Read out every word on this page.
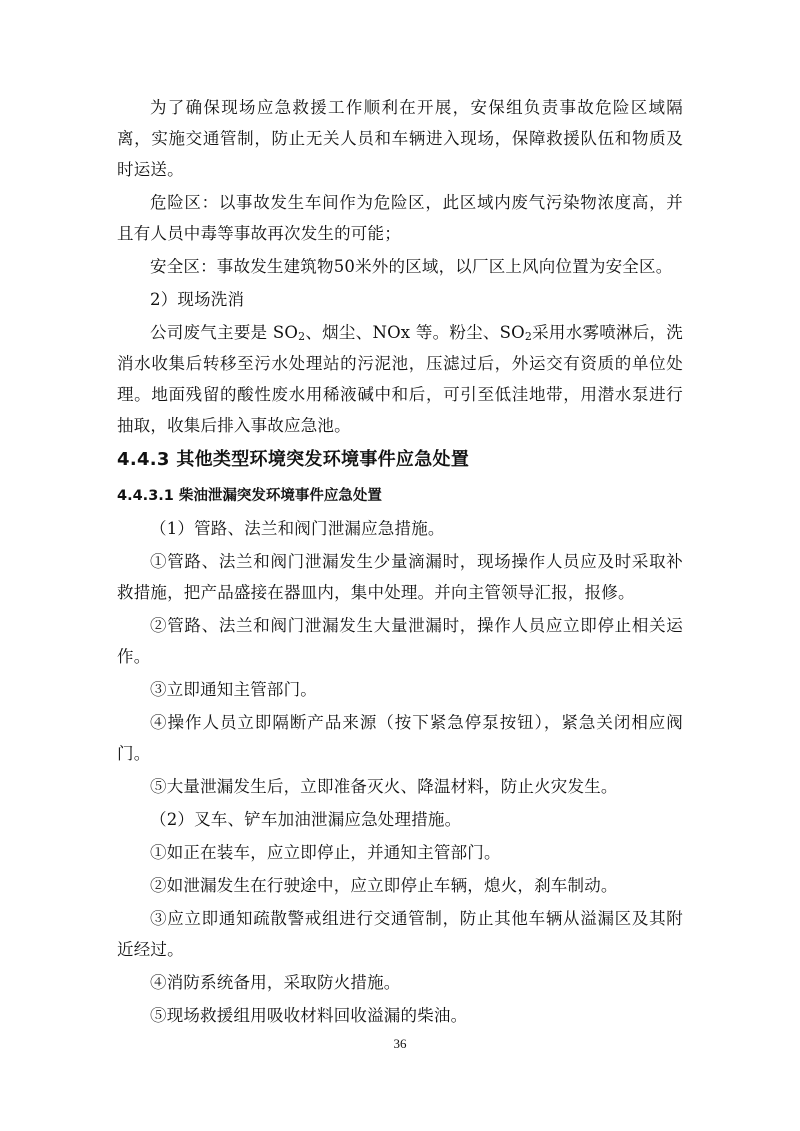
为了确保现场应急救援工作顺利在开展，安保组负责事故危险区域隔离，实施交通管制，防止无关人员和车辆进入现场，保障救援队伍和物质及时运送。

危险区：以事故发生车间作为危险区，此区域内废气污染物浓度高，并且有人员中毒等事故再次发生的可能；

安全区：事故发生建筑物50米外的区域，以厂区上风向位置为安全区。

2）现场洗消

公司废气主要是 $SO_2$、烟尘、NOx 等。粉尘、$SO_2$采用水雾喷淋后，洗消水收集后转移至污水处理站的污泥池，压滤过后，外运交有资质的单位处理。地面残留的酸性废水用稀液碱中和后，可引至低洼地带，用潜水泵进行抽取，收集后排入事故应急池。

4.4.3 其他类型环境突发环境事件应急处置
4.4.3.1 柴油泄漏突发环境事件应急处置

（1）管路、法兰和阀门泄漏应急措施。

①管路、法兰和阀门泄漏发生少量滴漏时，现场操作人员应及时采取补救措施，把产品盛接在器皿内，集中处理。并向主管领导汇报，报修。

②管路、法兰和阀门泄漏发生大量泄漏时，操作人员应立即停止相关运作。

③立即通知主管部门。

④操作人员立即隔断产品来源（按下紧急停泵按钮），紧急关闭相应阀门。

⑤大量泄漏发生后，立即准备灭火、降温材料，防止火灾发生。

（2）叉车、铲车加油泄漏应急处理措施。

①如正在装车，应立即停止，并通知主管部门。

②如泄漏发生在行驶途中，应立即停止车辆，熄火，刹车制动。

③应立即通知疏散警戒组进行交通管制，防止其他车辆从溢漏区及其附近经过。

④消防系统备用，采取防火措施。

⑤现场救援组用吸收材料回收溢漏的柴油。

36
